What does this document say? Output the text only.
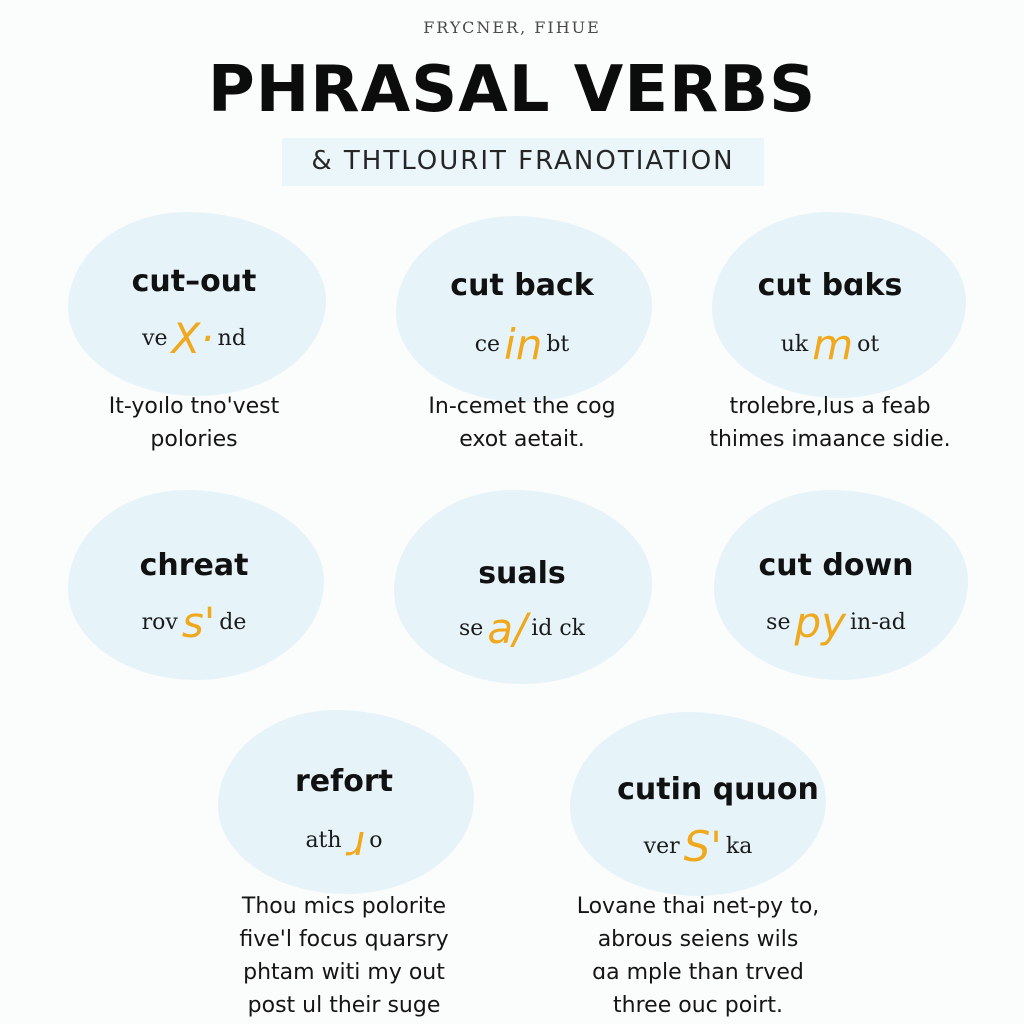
FRYCNER, FIHUE
PHRASAL VERBS
& THTLOURIT FRANOTIATION
cut–out
veX· nd
It-yoılo tno'vest
polories
cut back
cein bt
In-cemet the cog
exot aetait.
cut bɑks
ukm ot
trolebre,lus a feab
thimes imaance sidie.
chreat
rovs' de
suals
sea/ id ck
cut down
sepy in-ad
refort
athɹ o
Thou mics polorite
five'l focus quarsry
phtam witi my out
post ul their suge
cutin quuon
verS' ka
Lovane thai net-py to,
abrous seiens wils
ɑa mple than trved
three ouc poirt.
